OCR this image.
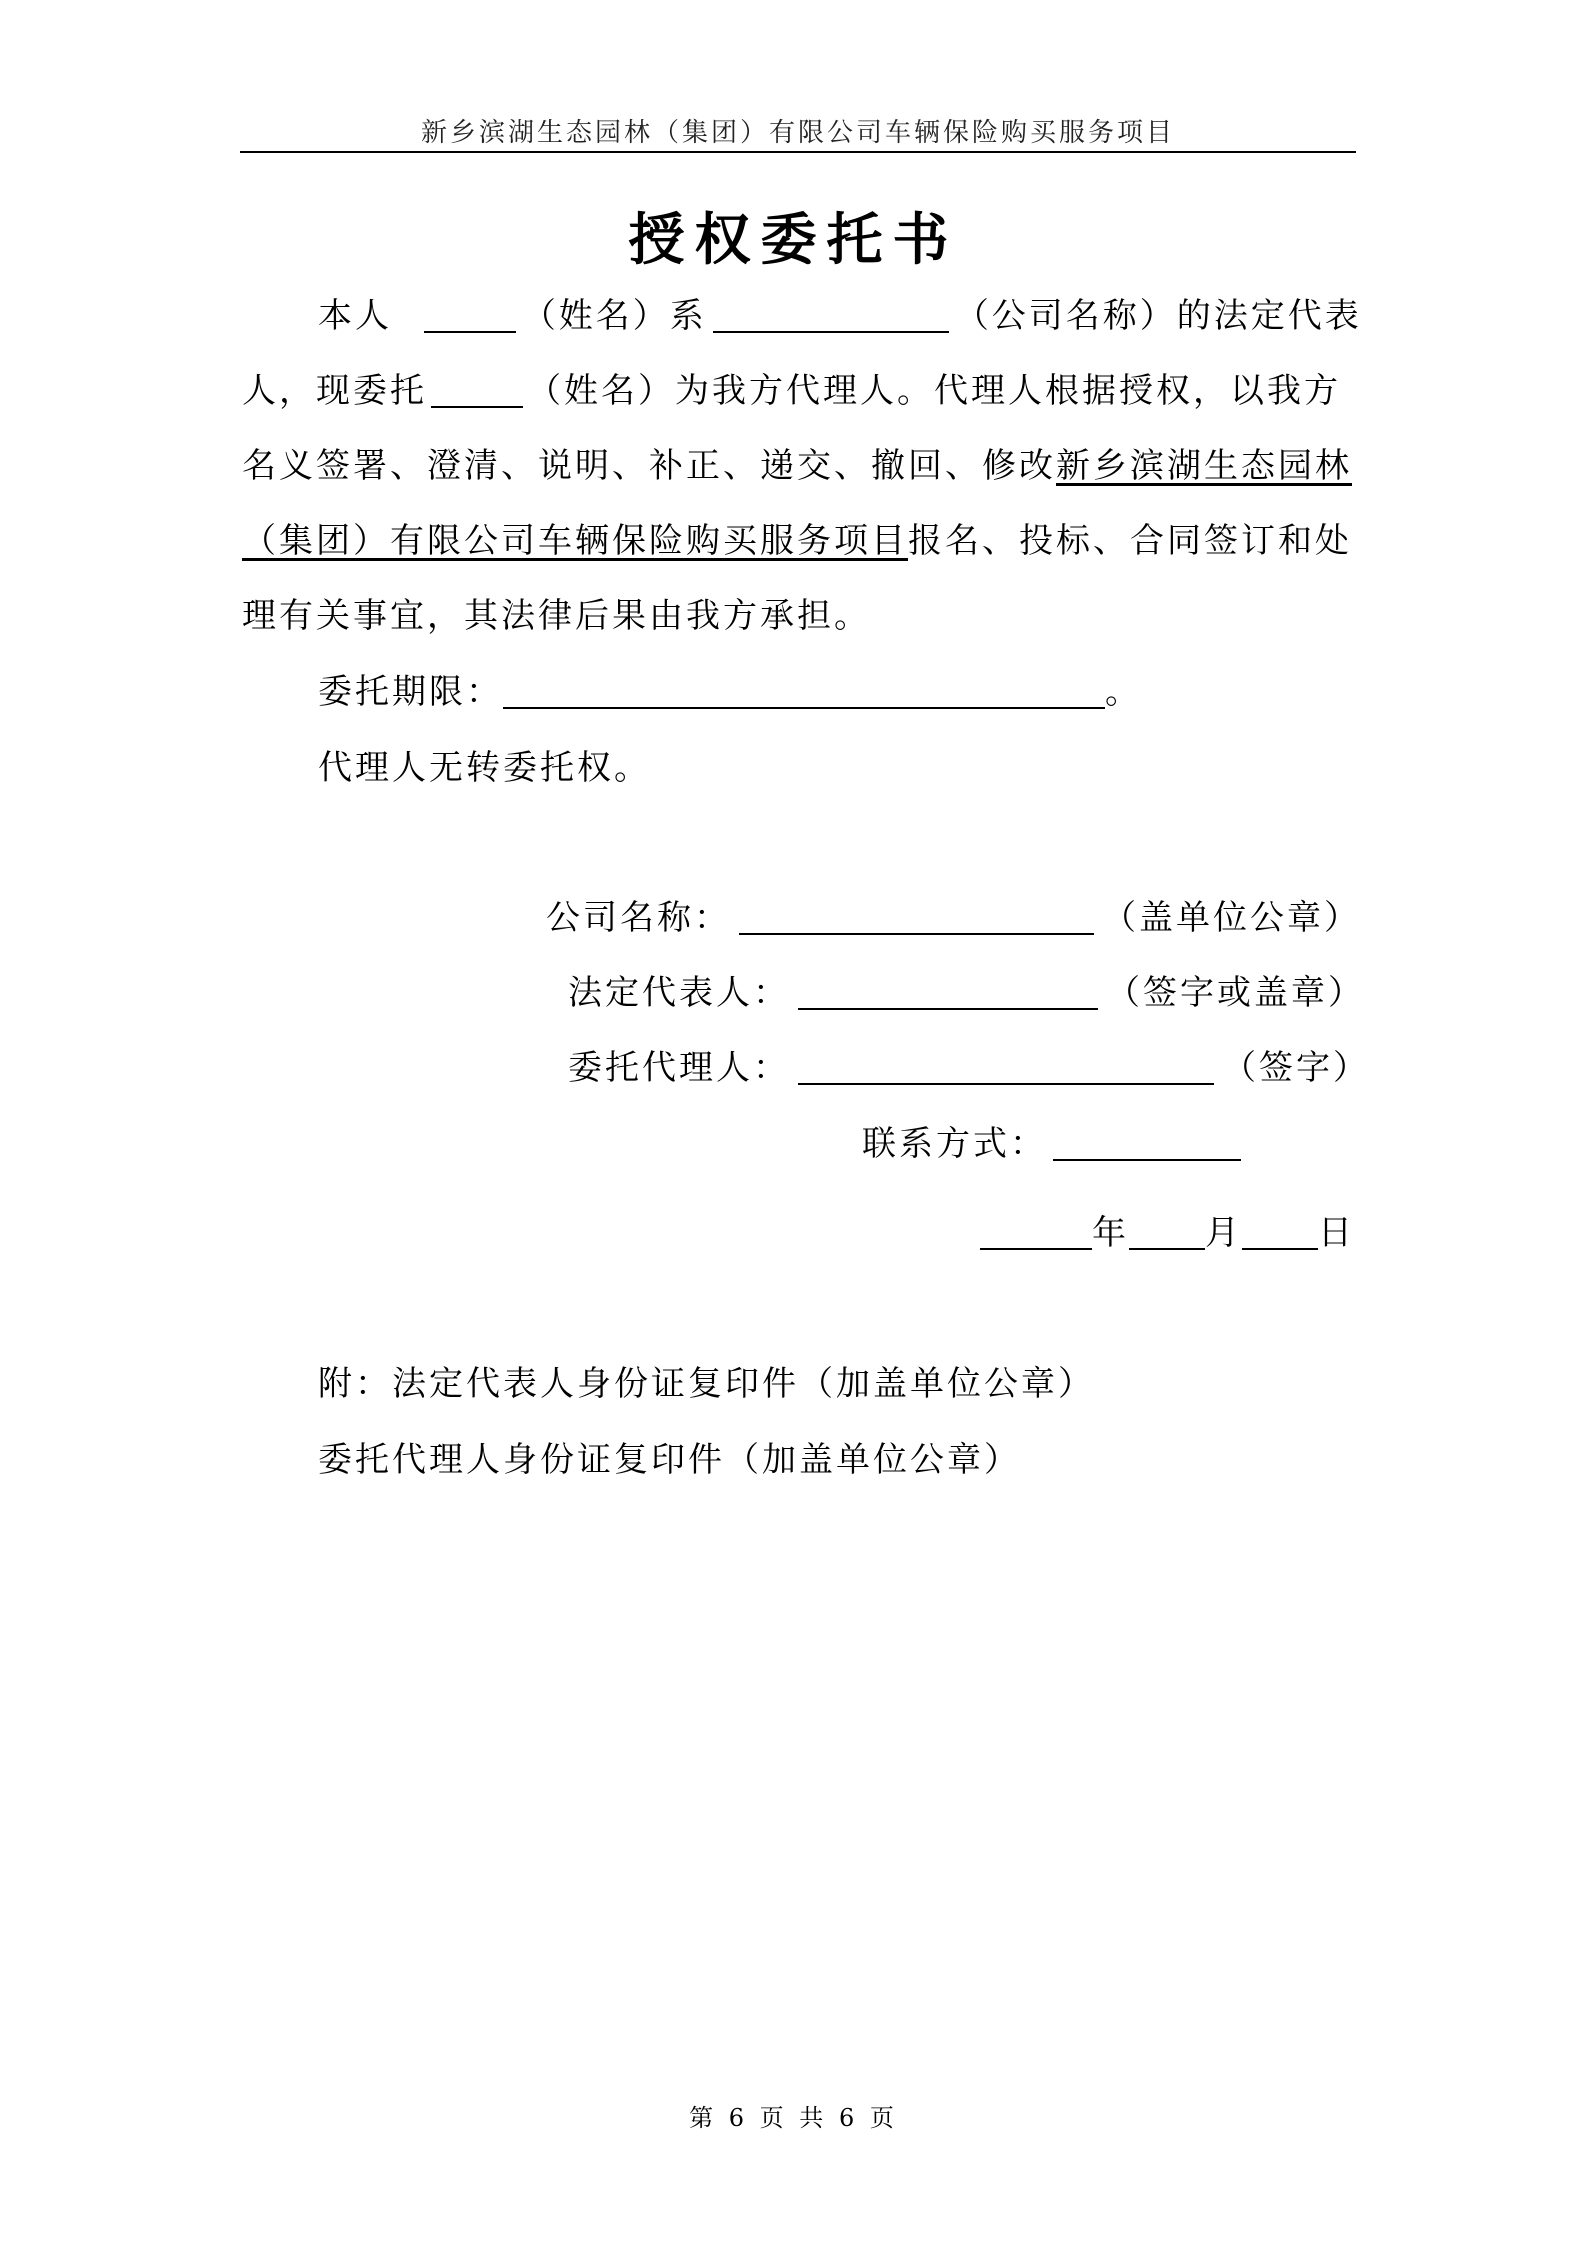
新乡滨湖生态园林（集团）有限公司车辆保险购买服务项目
授权委托书
本人	（姓名）系	（公司名称）的法定代表
人，现委托	（姓名）为我方代理人。代理人根据授权，以我方
名义签署、澄清、说明、补正、递交、撤回、修改新乡滨湖生态园林
（集团）有限公司车辆保险购买服务项目报名、投标、合同签订和处
理有关事宜，其法律后果由我方承担。
委托期限：	。
代理人无转委托权。
公司名称：	（盖单位公章）
法定代表人：	（签字或盖章）
委托代理人：	（签字）
联系方式：
年 月 日
附：法定代表人身份证复印件（加盖单位公章）
委托代理人身份证复印件（加盖单位公章）
第 6 页 共 6 页
